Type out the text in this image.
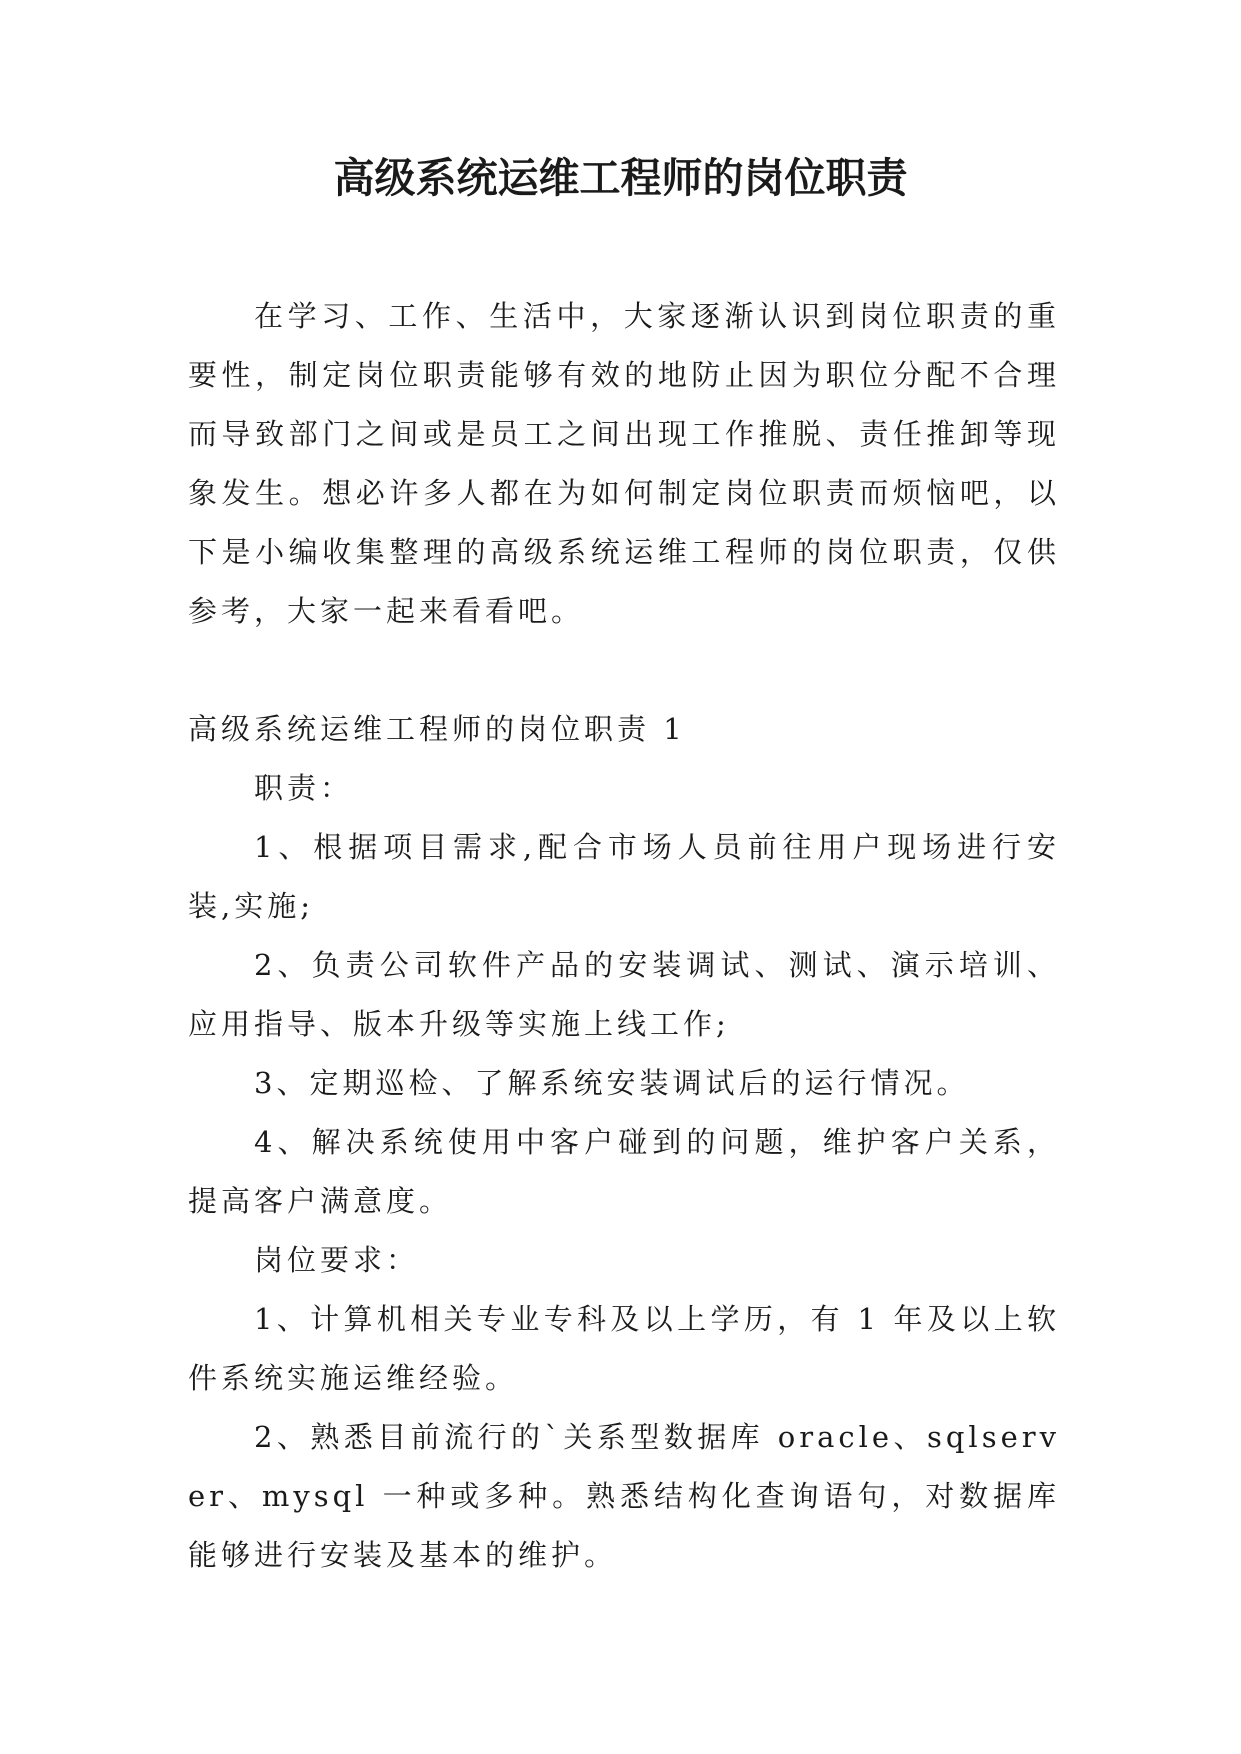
高级系统运维工程师的岗位职责

在学习、工作、生活中，大家逐渐认识到岗位职责的重要性，制定岗位职责能够有效的地防止因为职位分配不合理而导致部门之间或是员工之间出现工作推脱、责任推卸等现象发生。想必许多人都在为如何制定岗位职责而烦恼吧，以下是小编收集整理的高级系统运维工程师的岗位职责，仅供参考，大家一起来看看吧。

高级系统运维工程师的岗位职责 1

职责：

1、根据项目需求,配合市场人员前往用户现场进行安装,实施;

2、负责公司软件产品的安装调试、测试、演示培训、应用指导、版本升级等实施上线工作;

3、定期巡检、了解系统安装调试后的运行情况。

4、解决系统使用中客户碰到的问题，维护客户关系，提高客户满意度。

岗位要求：

1、计算机相关专业专科及以上学历，有 1 年及以上软件系统实施运维经验。

2、熟悉目前流行的`关系型数据库 oracle、sqlserver、mysql 一种或多种。熟悉结构化查询语句，对数据库能够进行安装及基本的维护。
